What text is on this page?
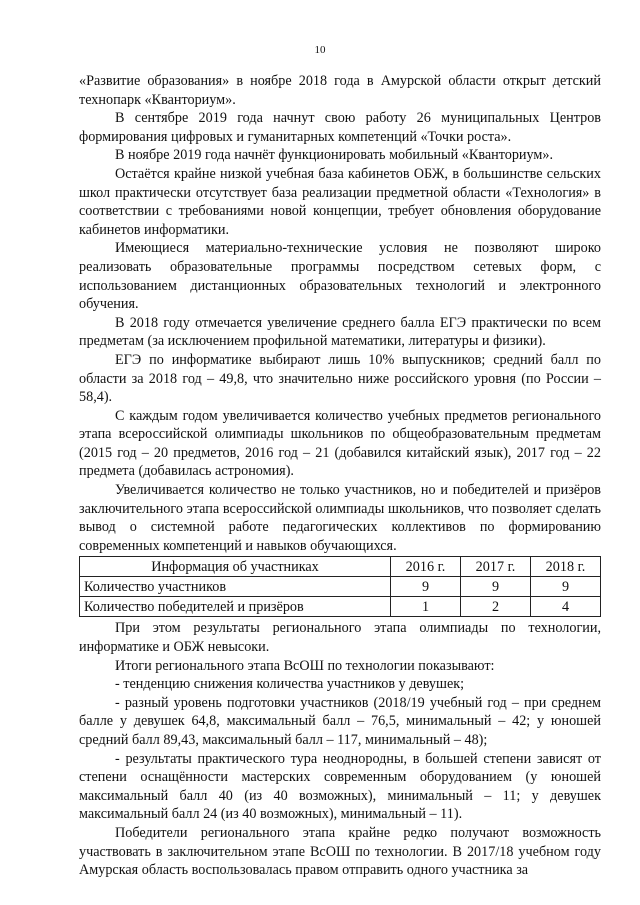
10

«Развитие образования» в ноябре 2018 года в Амурской области открыт детский технопарк «Кванториум».

В сентябре 2019 года начнут свою работу 26 муниципальных Центров формирования цифровых и гуманитарных компетенций «Точки роста».

В ноябре 2019 года начнёт функционировать мобильный «Кванториум».

Остаётся крайне низкой учебная база кабинетов ОБЖ, в большинстве сельских школ практически отсутствует база реализации предметной области «Технология» в соответствии с требованиями новой концепции, требует обновления оборудование кабинетов информатики.

Имеющиеся материально-технические условия не позволяют широко реализовать образовательные программы посредством сетевых форм, с использованием дистанционных образовательных технологий и электронного обучения.

В 2018 году отмечается увеличение среднего балла ЕГЭ практически по всем предметам (за исключением профильной математики, литературы и физики).

ЕГЭ по информатике выбирают лишь 10% выпускников; средний балл по области за 2018 год – 49,8, что значительно ниже российского уровня (по России – 58,4).

С каждым годом увеличивается количество учебных предметов регионального этапа всероссийской олимпиады школьников по общеобразовательным предметам (2015 год – 20 предметов, 2016 год – 21 (добавился китайский язык), 2017 год – 22 предмета (добавилась астрономия).

Увеличивается количество не только участников, но и победителей и призёров заключительного этапа всероссийской олимпиады школьников, что позволяет сделать вывод о системной работе педагогических коллективов по формированию современных компетенций и навыков обучающихся.

Информация об участниках	2016 г.	2017 г.	2018 г.
Количество участников	9	9	9
Количество победителей и призёров	1	2	4

При этом результаты регионального этапа олимпиады по технологии, информатике и ОБЖ невысоки.

Итоги регионального этапа ВсОШ по технологии показывают:

- тенденцию снижения количества участников у девушек;

- разный уровень подготовки участников (2018/19 учебный год – при среднем балле у девушек 64,8, максимальный балл – 76,5, минимальный – 42; у юношей средний балл 89,43, максимальный балл – 117, минимальный – 48);

- результаты практического тура неоднородны, в большей степени зависят от степени оснащённости мастерских современным оборудованием (у юношей максимальный балл 40 (из 40 возможных), минимальный – 11; у девушек максимальный балл 24 (из 40 возможных), минимальный – 11).

Победители регионального этапа крайне редко получают возможность участвовать в заключительном этапе ВсОШ по технологии. В 2017/18 учебном году Амурская область воспользовалась правом отправить одного участника за
